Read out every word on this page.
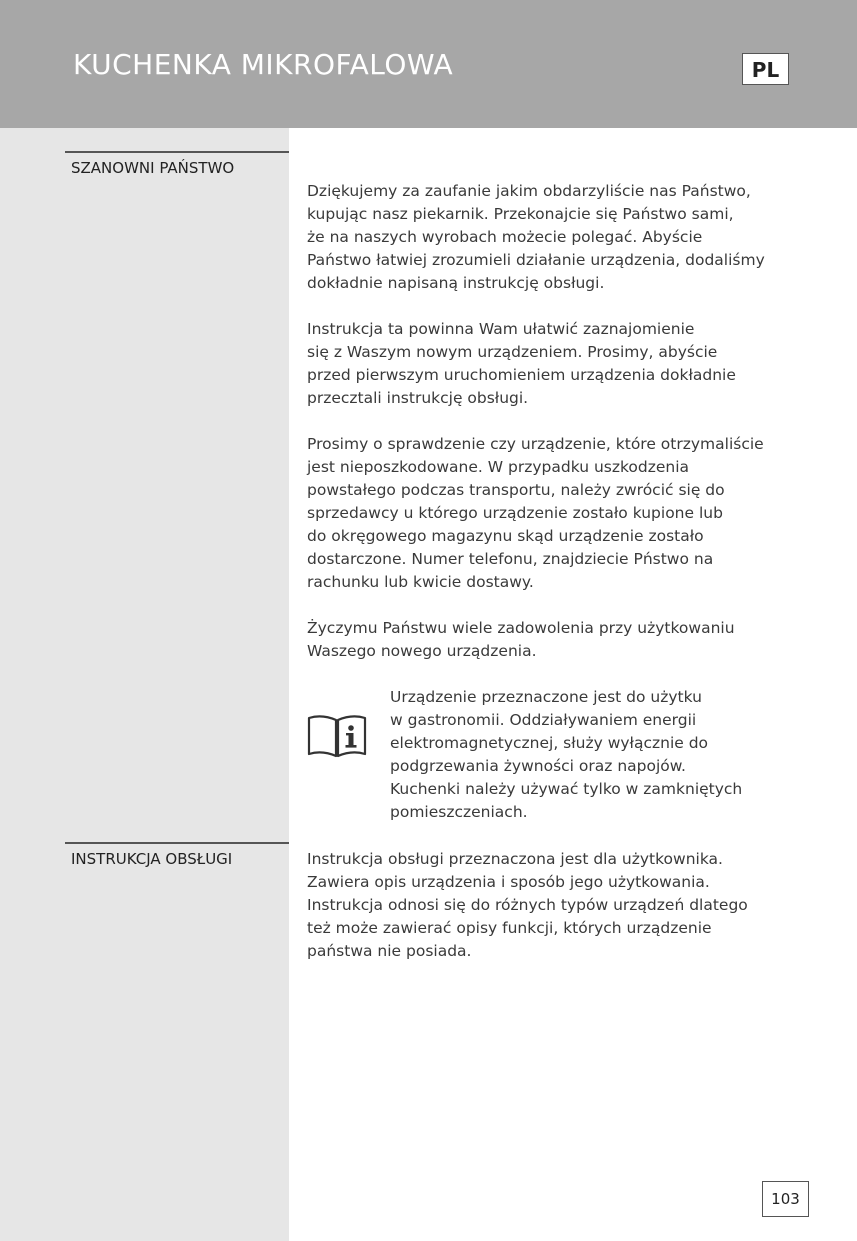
KUCHENKA MIKROFALOWA	PL
SZANOWNI PAŃSTWO
INSTRUKCJA OBSŁUGI
Dziękujemy za zaufanie jakim obdarzyliście nas Państwo,
kupując nasz piekarnik. Przekonajcie się Państwo sami,
że na naszych wyrobach możecie polegać. Abyście
Państwo łatwiej zrozumieli działanie urządzenia, dodaliśmy
dokładnie napisaną instrukcję obsługi.
Instrukcja ta powinna Wam ułatwić zaznajomienie
się z Waszym nowym urządzeniem. Prosimy, abyście
przed pierwszym uruchomieniem urządzenia dokładnie
przecztali instrukcję obsługi.
Prosimy o sprawdzenie czy urządzenie, które otrzymaliście
jest nieposzkodowane. W przypadku uszkodzenia
powstałego podczas transportu, należy zwrócić się do
sprzedawcy u którego urządzenie zostało kupione lub
do okręgowego magazynu skąd urządzenie zostało
dostarczone. Numer telefonu, znajdziecie Pństwo na
rachunku lub kwicie dostawy.
Życzymu Państwu wiele zadowolenia przy użytkowaniu
Waszego nowego urządzenia.
Urządzenie przeznaczone jest do użytku
w gastronomii. Oddziaływaniem energii
elektromagnetycznej, służy wyłącznie do
podgrzewania żywności oraz napojów.
Kuchenki należy używać tylko w zamkniętych
pomieszczeniach.
Instrukcja obsługi przeznaczona jest dla użytkownika.
Zawiera opis urządzenia i sposób jego użytkowania.
Instrukcja odnosi się do różnych typów urządzeń dlatego
też może zawierać opisy funkcji, których urządzenie
państwa nie posiada.
103
